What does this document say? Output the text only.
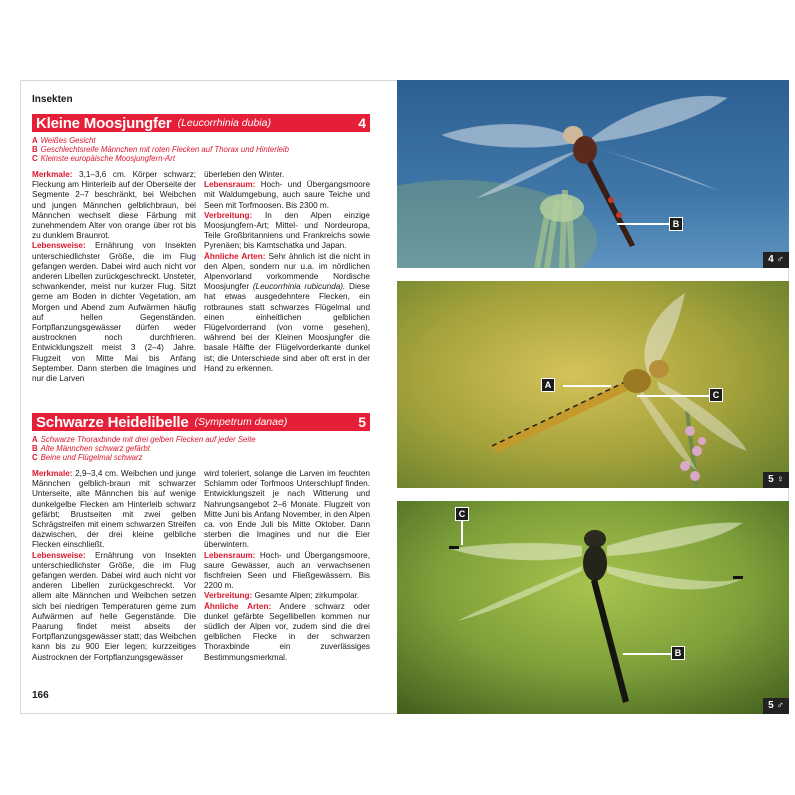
Insekten
Kleine Moosjungfer (Leucorrhinia dubia)	4

A Weißes Gesicht

B Geschlechtsreife Männchen mit roten Flecken auf Thorax und Hinterleib

C Kleinste europäische Moosjungfern-Art

Merkmale: 3,1–3,6 cm. Körper schwarz; Fleckung am Hinterleib auf der Oberseite der Segmente 2–7 beschränkt, bei Weibchen und jungen Männchen gelblichbraun, bei Männchen wechselt diese Färbung mit zunehmendem Alter von orange über rot bis zu dunklem Braunrot.

Lebensweise: Ernährung von Insekten unterschiedlichster Größe, die im Flug gefangen werden. Dabei wird auch nicht vor anderen Libellen zurückgeschreckt. Unsteter, schwankender, meist nur kurzer Flug. Sitzt gerne am Boden in dichter Vegetation, am Morgen und Abend zum Aufwärmen häufig auf hellen Gegenständen. Fortpflanzungsgewässer dürfen weder austrocknen noch durchfrieren. Entwicklungszeit meist 3 (2–4) Jahre. Flugzeit von Mitte Mai bis Anfang September. Dann sterben die Imagines und nur die Larven

überleben den Winter.

Lebensraum: Hoch- und Übergangsmoore mit Waldumgebung, auch saure Teiche und Seen mit Torfmoosen. Bis 2300 m.

Verbreitung: In den Alpen einzige Moosjungfern-Art; Mittel- und Nordeuropa, Teile Großbritanniens und Frankreichs sowie Pyrenäen; bis Kamtschatka und Japan.

Ähnliche Arten: Sehr ähnlich ist die nicht in den Alpen, sondern nur u.a. im nördlichen Alpenvorland vorkommende Nordische Moosjungfer (Leucorrhinia rubicunda). Diese hat etwas ausgedehntere Flecken, ein rotbraunes statt schwarzes Flügelmal und einen einheitlichen gelblichen Flügelvorderrand (von vorne gesehen), während bei der Kleinen Moosjungfer die basale Hälfte der Flügelvorderkante dunkel ist; die Unterschiede sind aber oft erst in der Hand zu erkennen.

Schwarze Heidelibelle (Sympetrum danae)	5

A Schwarze Thoraxbinde mit drei gelben Flecken auf jeder Seite

B Alte Männchen schwarz gefärbt

C Beine und Flügelmal schwarz

Merkmale: 2,9–3,4 cm. Weibchen und junge Männchen gelblich-braun mit schwarzer Unterseite, alte Männchen bis auf wenige dunkelgelbe Flecken am Hinterleib schwarz gefärbt; Brustseiten mit zwei gelben Schrägstreifen mit einem schwarzen Streifen dazwischen, der drei kleine gelbliche Flecken einschließt.

Lebensweise: Ernährung von Insekten unterschiedlichster Größe, die im Flug gefangen werden. Dabei wird auch nicht vor anderen Libellen zurückgeschreckt. Vor allem alte Männchen und Weibchen setzen sich bei niedrigen Temperaturen gerne zum Aufwärmen auf helle Gegenstände. Die Paarung findet meist abseits der Fortpflanzungsgewässer statt; das Weibchen kann bis zu 900 Eier legen; kurzzeitiges Austrocknen der Fortpflanzungsgewässer

wird toleriert, solange die Larven im feuchten Schlamm oder Torfmoos Unterschlupf finden. Entwicklungszeit je nach Witterung und Nahrungsangebot 2–6 Monate. Flugzeit von Mitte Juni bis Anfang November, in den Alpen ca. von Ende Juli bis Mitte Oktober. Dann sterben die Imagines und nur die Eier überwintern.

Lebensraum: Hoch- und Übergangsmoore, saure Gewässer, auch an verwachsenen fischfreien Seen und Fließgewässern. Bis 2200 m.

Verbreitung: Gesamte Alpen; zirkumpolar.

Ähnliche Arten: Andere schwarz oder dunkel gefärbte Segellibellen kommen nur südlich der Alpen vor, zudem sind die drei gelblichen Flecke in der schwarzen Thoraxbinde ein zuverlässiges Bestimmungsmerkmal.

166
B
4 ♂
A
C
5 ♀
C
B
5 ♂
